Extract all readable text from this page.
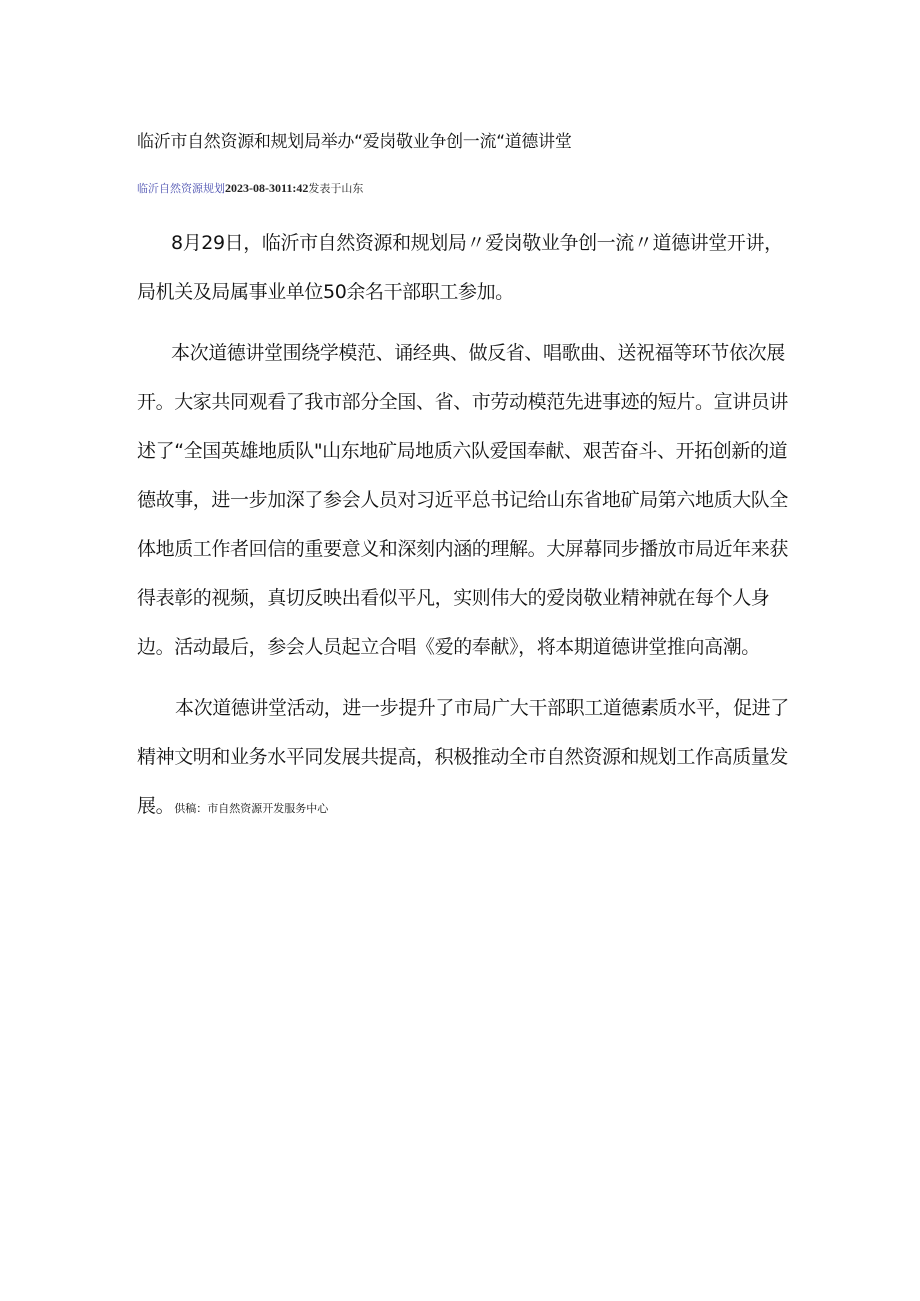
临沂市自然资源和规划局举办“爱岗敬业争创一流“道德讲堂
临沂自然资源规划2023-08-3011:42发表于山东

8月29日，临沂市自然资源和规划局〃爱岗敬业争创一流〃道德讲堂开讲，局机关及局属事业单位50余名干部职工参加。

本次道德讲堂围绕学模范、诵经典、做反省、唱歌曲、送祝福等环节依次展开。大家共同观看了我市部分全国、省、市劳动模范先进事迹的短片。宣讲员讲述了“全国英雄地质队"山东地矿局地质六队爱国奉献、艰苦奋斗、开拓创新的道德故事，进一步加深了参会人员对习近平总书记给山东省地矿局第六地质大队全体地质工作者回信的重要意义和深刻内涵的理解。大屏幕同步播放市局近年来获得表彰的视频，真切反映出看似平凡，实则伟大的爱岗敬业精神就在每个人身边。活动最后，参会人员起立合唱《爱的奉献》，将本期道德讲堂推向高潮。

本次道德讲堂活动，进一步提升了市局广大干部职工道德素质水平，促进了精神文明和业务水平同发展共提高，积极推动全市自然资源和规划工作高质量发展。供稿：市自然资源开发服务中心
